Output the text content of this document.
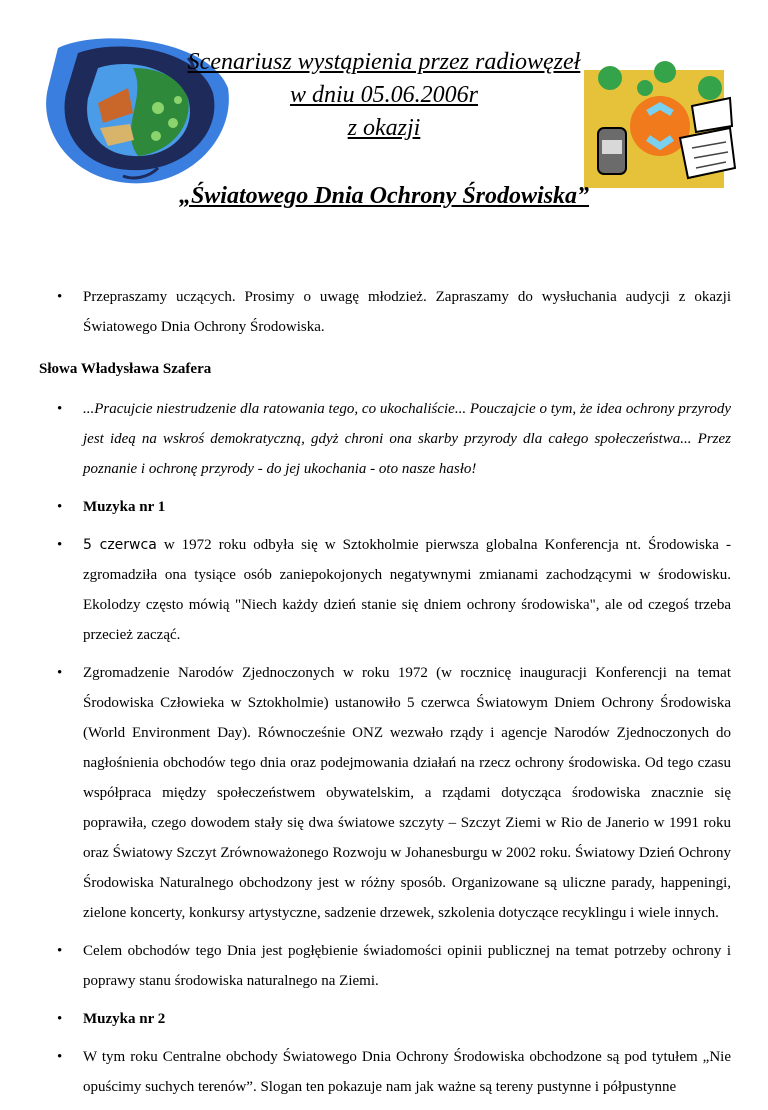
Scenariusz wystąpienia przez radiowęzeł
w dniu 05.06.2006r
z okazji
„Światowego Dnia Ochrony Środowiska”
• Przepraszamy uczących. Prosimy o uwagę młodzież. Zapraszamy do wysłuchania audycji z okazji Światowego Dnia Ochrony Środowiska.
Słowa Władysława Szafera
• ...Pracujcie niestrudzenie dla ratowania tego, co ukochaliście... Pouczajcie o tym, że idea ochrony przyrody jest ideą na wskroś demokratyczną, gdyż chroni ona skarby przyrody dla całego społeczeństwa... Przez poznanie i ochronę przyrody - do jej ukochania - oto nasze hasło!
• Muzyka nr 1
• 5 czerwca w 1972 roku odbyła się w Sztokholmie pierwsza globalna Konferencja nt. Środowiska - zgromadziła ona tysiące osób zaniepokojonych negatywnymi zmianami zachodzącymi w środowisku. Ekolodzy często mówią "Niech każdy dzień stanie się dniem ochrony środowiska", ale od czegoś trzeba przecież zacząć.
• Zgromadzenie Narodów Zjednoczonych w roku 1972 (w rocznicę inauguracji Konferencji na temat Środowiska Człowieka w Sztokholmie) ustanowiło 5 czerwca Światowym Dniem Ochrony Środowiska (World Environment Day). Równocześnie ONZ wezwało rządy i agencje Narodów Zjednoczonych do nagłośnienia obchodów tego dnia oraz podejmowania działań na rzecz ochrony środowiska. Od tego czasu współpraca między społeczeństwem obywatelskim, a rządami dotycząca środowiska znacznie się poprawiła, czego dowodem stały się dwa światowe szczyty – Szczyt Ziemi w Rio de Janerio w 1991 roku oraz Światowy Szczyt Zrównoważonego Rozwoju w Johanesburgu w 2002 roku. Światowy Dzień Ochrony Środowiska Naturalnego obchodzony jest w różny sposób. Organizowane są uliczne parady, happeningi, zielone koncerty, konkursy artystyczne, sadzenie drzewek, szkolenia dotyczące recyklingu i wiele innych.
• Celem obchodów tego Dnia jest pogłębienie świadomości opinii publicznej na temat potrzeby ochrony i poprawy stanu środowiska naturalnego na Ziemi.
• Muzyka nr 2
• W tym roku Centralne obchody Światowego Dnia Ochrony Środowiska obchodzone są pod tytułem „Nie opuścimy suchych terenów”. Slogan ten pokazuje nam jak ważne są tereny pustynne i półpustynne
